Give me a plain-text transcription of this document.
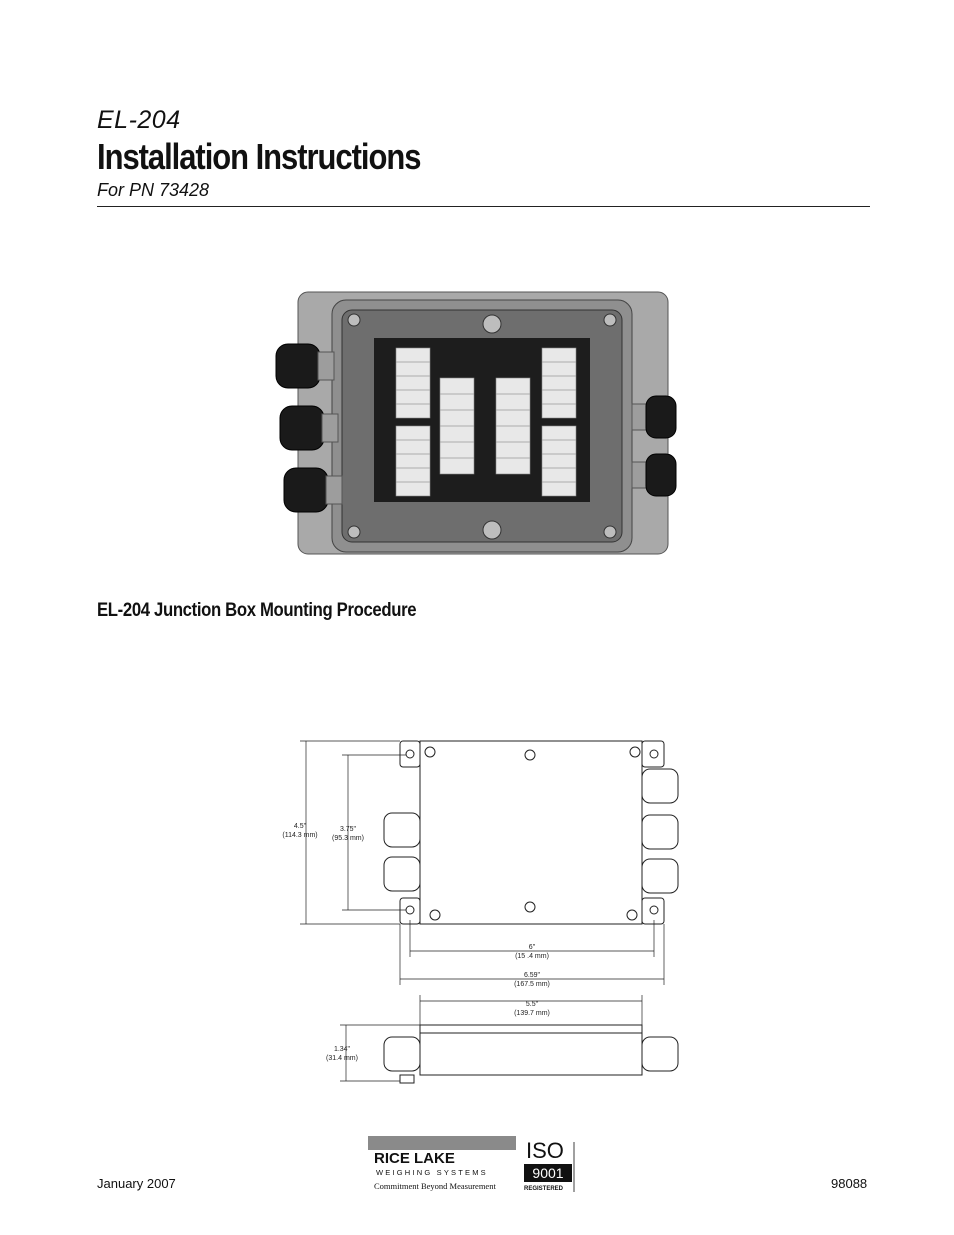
EL-204
Installation Instructions
For PN 73428
EL-204 Junction Box Mounting Procedure
4.5"
(114.3 mm)
3.75"
(95.3 mm)
6"
(15 .4 mm)
6.59"
(167.5 mm)
5.5"
(139.7 mm)
1.34"
(31.4 mm)
RICE LAKE
WEIGHING SYSTEMS
Commitment Beyond Measurement
ISO
9001
REGISTERED
January 2007	98088
